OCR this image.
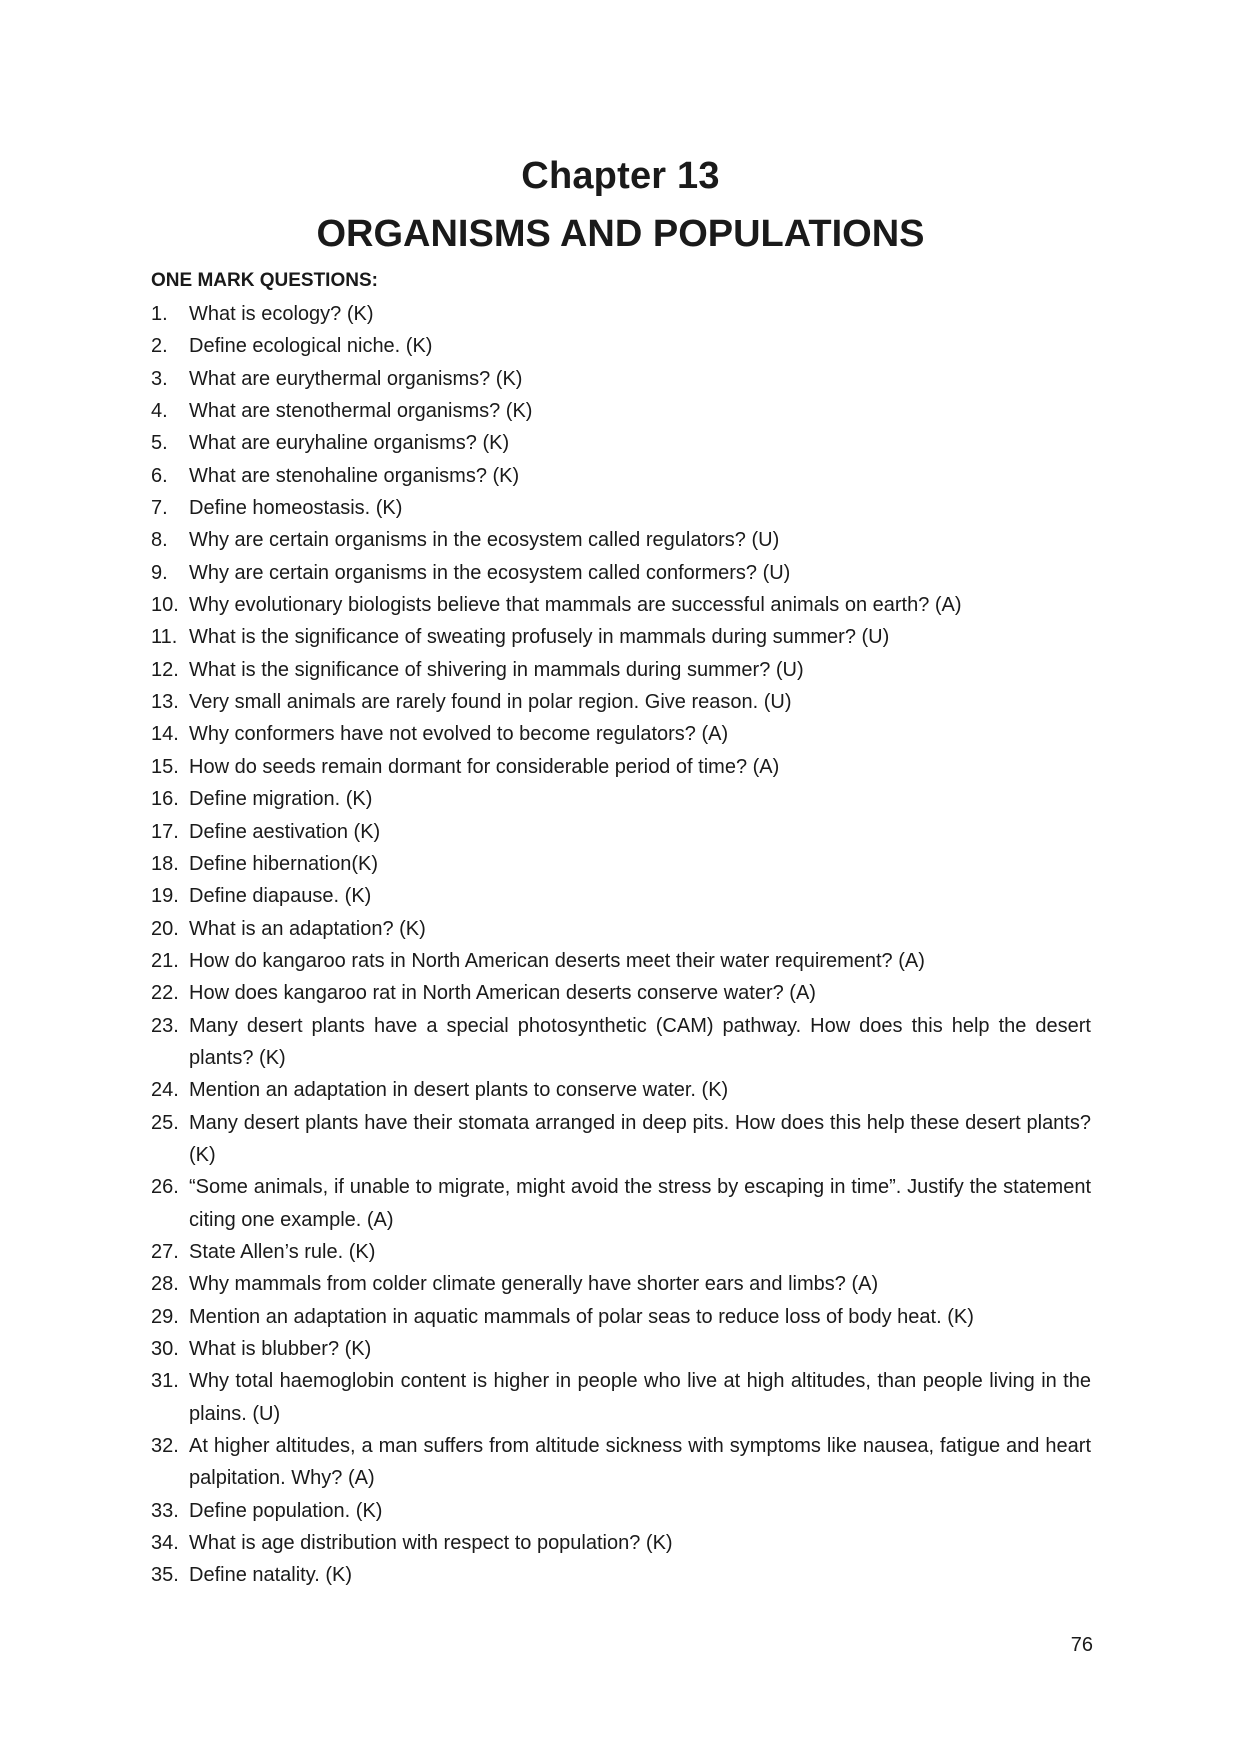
Chapter 13
ORGANISMS AND POPULATIONS
ONE MARK QUESTIONS:
1.	What is ecology? (K)
2.	Define ecological niche. (K)
3.	What are eurythermal organisms? (K)
4.	What are stenothermal organisms? (K)
5.	What are euryhaline organisms? (K)
6.	What are stenohaline organisms? (K)
7.	Define homeostasis. (K)
8.	Why are certain organisms in the ecosystem called regulators? (U)
9.	Why are certain organisms in the ecosystem called conformers? (U)
10. Why evolutionary biologists believe that mammals are successful animals on earth? (A)
11. What is the significance of sweating profusely in mammals during summer? (U)
12. What is the significance of shivering in mammals during summer? (U)
13. Very small animals are rarely found in polar region. Give reason. (U)
14. Why conformers have not evolved to become regulators? (A)
15. How do seeds remain dormant for considerable period of time? (A)
16. Define migration. (K)
17. Define aestivation (K)
18. Define hibernation(K)
19. Define diapause. (K)
20. What is an adaptation? (K)
21. How do kangaroo rats in North American deserts meet their water requirement? (A)
22. How does kangaroo rat in North American deserts conserve water? (A)
23. Many desert plants have a special photosynthetic (CAM) pathway. How does this help the desert plants? (K)
24. Mention an adaptation in desert plants to conserve water. (K)
25. Many desert plants have their stomata arranged in deep pits. How does this help these desert plants? (K)
26. “Some animals, if unable to migrate, might avoid the stress by escaping in time”. Justify the statement citing one example. (A)
27. State Allen’s rule. (K)
28. Why mammals from colder climate generally have shorter ears and limbs? (A)
29. Mention an adaptation in aquatic mammals of polar seas to reduce loss of body heat. (K)
30. What is blubber? (K)
31. Why total haemoglobin content is higher in people who live at high altitudes, than people living in the plains. (U)
32. At higher altitudes, a man suffers from altitude sickness with symptoms like nausea, fatigue and heart palpitation. Why? (A)
33. Define population. (K)
34. What is age distribution with respect to population? (K)
35. Define natality. (K)
76
